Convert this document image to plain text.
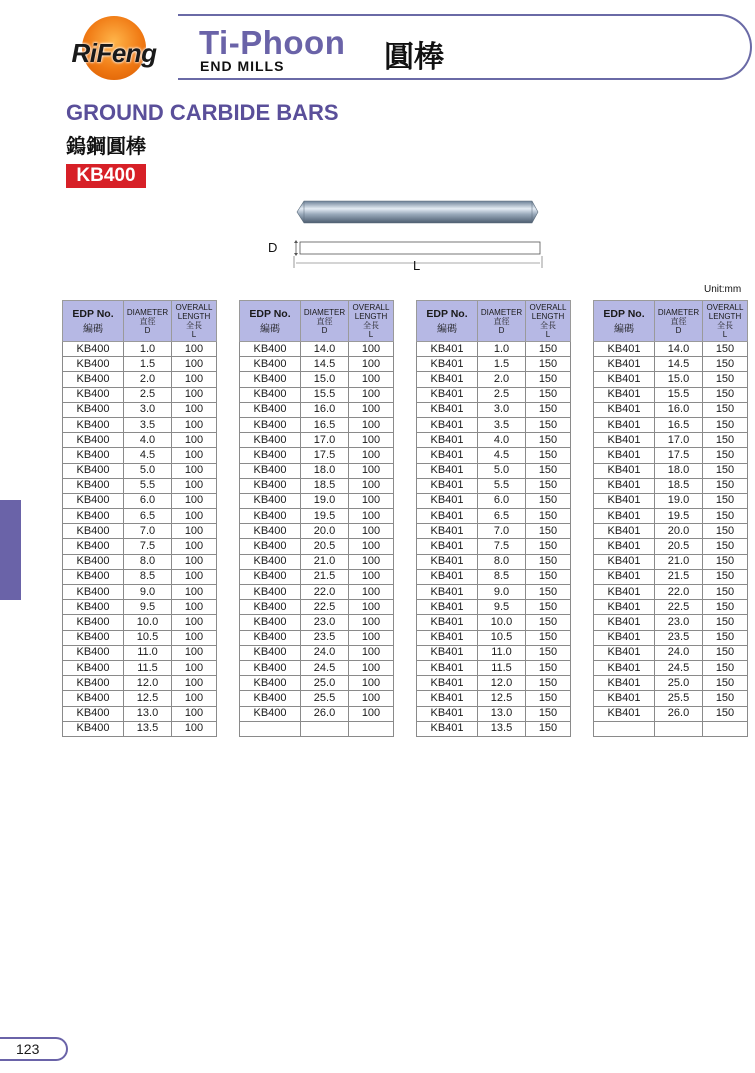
RiFeng	Ti-Phoon
END MILLS	圓棒
GROUND CARBIDE BARS
鎢鋼圓棒
KB400
D
L
Unit:mm
EDP No.
編碼	DIAMETER
直徑
D	OVERALL
LENGTH
全長
L
KB400	1.0	100
KB400	1.5	100
KB400	2.0	100
KB400	2.5	100
KB400	3.0	100
KB400	3.5	100
KB400	4.0	100
KB400	4.5	100
KB400	5.0	100
KB400	5.5	100
KB400	6.0	100
KB400	6.5	100
KB400	7.0	100
KB400	7.5	100
KB400	8.0	100
KB400	8.5	100
KB400	9.0	100
KB400	9.5	100
KB400	10.0	100
KB400	10.5	100
KB400	11.0	100
KB400	11.5	100
KB400	12.0	100
KB400	12.5	100
KB400	13.0	100
KB400	13.5	100
EDP No.
編碼	DIAMETER
直徑
D	OVERALL
LENGTH
全長
L
KB400	14.0	100
KB400	14.5	100
KB400	15.0	100
KB400	15.5	100
KB400	16.0	100
KB400	16.5	100
KB400	17.0	100
KB400	17.5	100
KB400	18.0	100
KB400	18.5	100
KB400	19.0	100
KB400	19.5	100
KB400	20.0	100
KB400	20.5	100
KB400	21.0	100
KB400	21.5	100
KB400	22.0	100
KB400	22.5	100
KB400	23.0	100
KB400	23.5	100
KB400	24.0	100
KB400	24.5	100
KB400	25.0	100
KB400	25.5	100
KB400	26.0	100

EDP No.
編碼	DIAMETER
直徑
D	OVERALL
LENGTH
全長
L
KB401	1.0	150
KB401	1.5	150
KB401	2.0	150
KB401	2.5	150
KB401	3.0	150
KB401	3.5	150
KB401	4.0	150
KB401	4.5	150
KB401	5.0	150
KB401	5.5	150
KB401	6.0	150
KB401	6.5	150
KB401	7.0	150
KB401	7.5	150
KB401	8.0	150
KB401	8.5	150
KB401	9.0	150
KB401	9.5	150
KB401	10.0	150
KB401	10.5	150
KB401	11.0	150
KB401	11.5	150
KB401	12.0	150
KB401	12.5	150
KB401	13.0	150
KB401	13.5	150
EDP No.
編碼	DIAMETER
直徑
D	OVERALL
LENGTH
全長
L
KB401	14.0	150
KB401	14.5	150
KB401	15.0	150
KB401	15.5	150
KB401	16.0	150
KB401	16.5	150
KB401	17.0	150
KB401	17.5	150
KB401	18.0	150
KB401	18.5	150
KB401	19.0	150
KB401	19.5	150
KB401	20.0	150
KB401	20.5	150
KB401	21.0	150
KB401	21.5	150
KB401	22.0	150
KB401	22.5	150
KB401	23.0	150
KB401	23.5	150
KB401	24.0	150
KB401	24.5	150
KB401	25.0	150
KB401	25.5	150
KB401	26.0	150

123
